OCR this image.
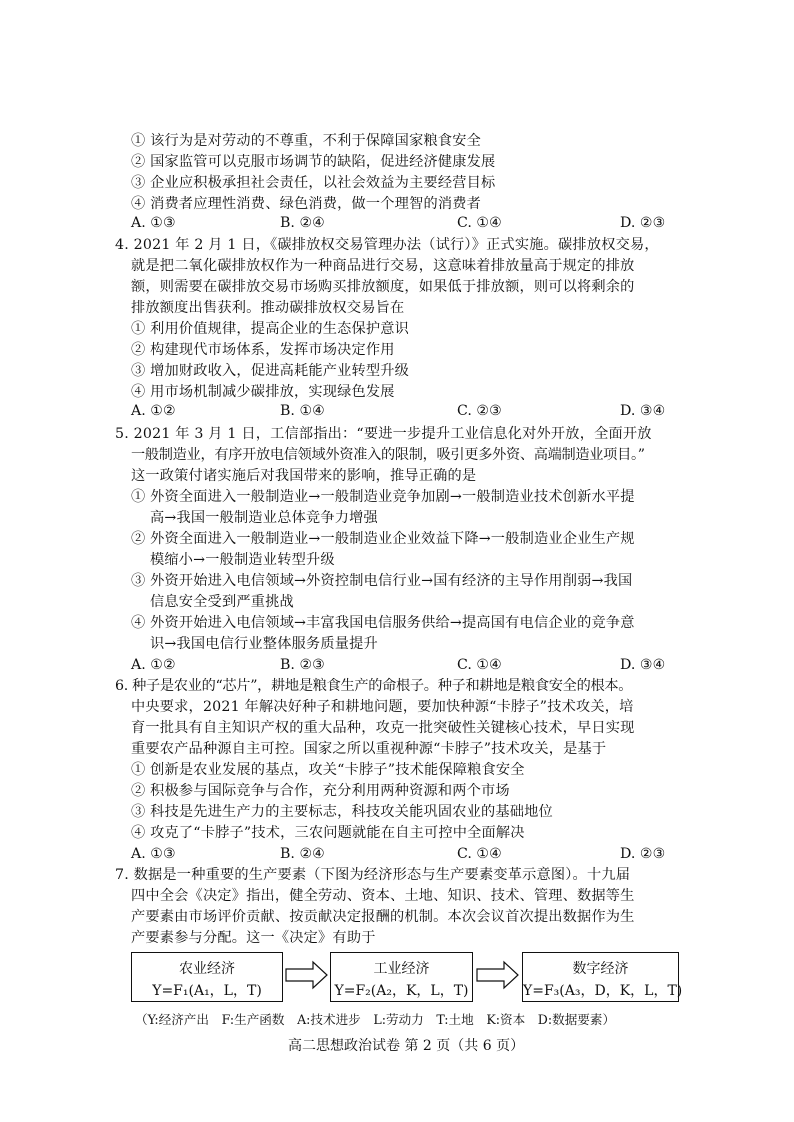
① 该行为是对劳动的不尊重，不利于保障国家粮食安全
② 国家监管可以克服市场调节的缺陷，促进经济健康发展
③ 企业应积极承担社会责任，以社会效益为主要经营目标
④ 消费者应理性消费、绿色消费，做一个理智的消费者
A. ①③	B. ②④	C. ①④	D. ②③
4. 2021 年 2 月 1 日，《碳排放权交易管理办法（试行）》正式实施。碳排放权交易，
就是把二氧化碳排放权作为一种商品进行交易，这意味着排放量高于规定的排放
额，则需要在碳排放交易市场购买排放额度，如果低于排放额，则可以将剩余的
排放额度出售获利。推动碳排放权交易旨在
① 利用价值规律，提高企业的生态保护意识
② 构建现代市场体系，发挥市场决定作用
③ 增加财政收入，促进高耗能产业转型升级
④ 用市场机制减少碳排放，实现绿色发展
A. ①②	B. ①④	C. ②③	D. ③④
5. 2021 年 3 月 1 日，工信部指出：“要进一步提升工业信息化对外开放，全面开放
一般制造业，有序开放电信领域外资准入的限制，吸引更多外资、高端制造业项目。”
这一政策付诸实施后对我国带来的影响，推导正确的是
① 外资全面进入一般制造业→一般制造业竞争加剧→一般制造业技术创新水平提
高→我国一般制造业总体竞争力增强
② 外资全面进入一般制造业→一般制造业企业效益下降→一般制造业企业生产规
模缩小→一般制造业转型升级
③ 外资开始进入电信领域→外资控制电信行业→国有经济的主导作用削弱→我国
信息安全受到严重挑战
④ 外资开始进入电信领域→丰富我国电信服务供给→提高国有电信企业的竞争意
识→我国电信行业整体服务质量提升
A. ①②	B. ②③	C. ①④	D. ③④
6. 种子是农业的“芯片”，耕地是粮食生产的命根子。种子和耕地是粮食安全的根本。
中央要求，2021 年解决好种子和耕地问题，要加快种源“卡脖子”技术攻关，培
育一批具有自主知识产权的重大品种，攻克一批突破性关键核心技术，早日实现
重要农产品种源自主可控。国家之所以重视种源“卡脖子”技术攻关，是基于
① 创新是农业发展的基点，攻关“卡脖子”技术能保障粮食安全
② 积极参与国际竞争与合作，充分利用两种资源和两个市场
③ 科技是先进生产力的主要标志，科技攻关能巩固农业的基础地位
④ 攻克了“卡脖子”技术，三农问题就能在自主可控中全面解决
A. ①③	B. ②④	C. ①④	D. ②③
7. 数据是一种重要的生产要素（下图为经济形态与生产要素变革示意图）。十九届
四中全会《决定》指出，健全劳动、资本、土地、知识、技术、管理、数据等生
产要素由市场评价贡献、按贡献决定报酬的机制。本次会议首次提出数据作为生
产要素参与分配。这一《决定》有助于
农业经济
Y=F₁(A₁，L，T)
工业经济
Y=F₂(A₂，K，L，T)
数字经济
Y=F₃(A₃，D，K，L，T)
（Y:经济产出　F:生产函数　A:技术进步　L:劳动力　T:土地　K:资本　D:数据要素）
高二思想政治试卷 第 2 页（共 6 页）
